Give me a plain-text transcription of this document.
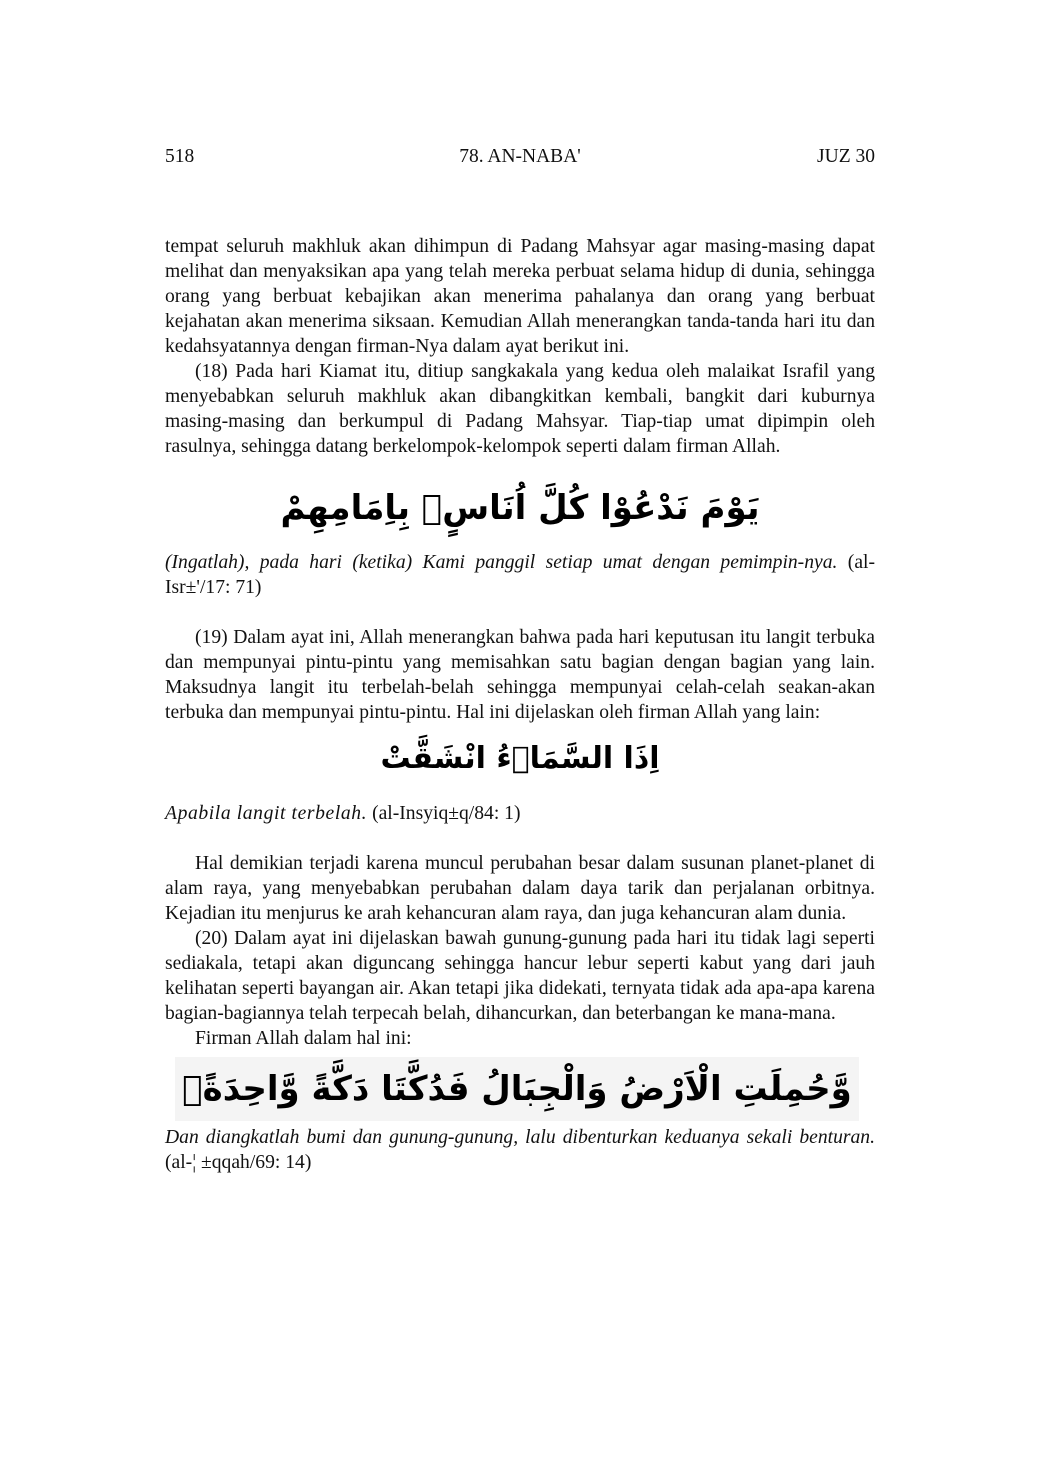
518	78. AN-NABA'	JUZ 30

tempat seluruh makhluk akan dihimpun di Padang Mahsyar agar masing-masing dapat melihat dan menyaksikan apa yang telah mereka perbuat selama hidup di dunia, sehingga orang yang berbuat kebajikan akan menerima pahalanya dan orang yang berbuat kejahatan akan menerima siksaan. Kemudian Allah menerangkan tanda-tanda hari itu dan kedahsyatannya dengan firman-Nya dalam ayat berikut ini.

(18) Pada hari Kiamat itu, ditiup sangkakala yang kedua oleh malaikat Israfil yang menyebabkan seluruh makhluk akan dibangkitkan kembali, bangkit dari kuburnya masing-masing dan berkumpul di Padang Mahsyar. Tiap-tiap umat dipimpin oleh rasulnya, sehingga datang berkelompok-kelompok seperti dalam firman Allah.

يَوْمَ نَدْعُوْا كُلَّ اُنَاسٍۢ بِاِمَامِهِمْ

(Ingatlah), pada hari (ketika) Kami panggil setiap umat dengan pemimpin-nya. (al-Isr±'/17: 71)

(19) Dalam ayat ini, Allah menerangkan bahwa pada hari keputusan itu langit terbuka dan mempunyai pintu-pintu yang memisahkan satu bagian dengan bagian yang lain. Maksudnya langit itu terbelah-belah sehingga mempunyai celah-celah seakan-akan terbuka dan mempunyai pintu-pintu. Hal ini dijelaskan oleh firman Allah yang lain:

اِذَا السَّمَاۤءُ انْشَقَّتْ

Apabila langit terbelah. (al-Insyiq±q/84: 1)

Hal demikian terjadi karena muncul perubahan besar dalam susunan planet-planet di alam raya, yang menyebabkan perubahan dalam daya tarik dan perjalanan orbitnya. Kejadian itu menjurus ke arah kehancuran alam raya, dan juga kehancuran alam dunia.

(20) Dalam ayat ini dijelaskan bawah gunung-gunung pada hari itu tidak lagi seperti sediakala, tetapi akan diguncang sehingga hancur lebur seperti kabut yang dari jauh kelihatan seperti bayangan air. Akan tetapi jika didekati, ternyata tidak ada apa-apa karena bagian-bagiannya telah terpecah belah, dihancurkan, dan beterbangan ke mana-mana.

Firman Allah dalam hal ini:

وَّحُمِلَتِ الْاَرْضُ وَالْجِبَالُ فَدُكَّتَا دَكَّةً وَّاحِدَةًۙ

Dan diangkatlah bumi dan gunung-gunung, lalu dibenturkan keduanya sekali benturan. (al-¦ ±qqah/69: 14)
